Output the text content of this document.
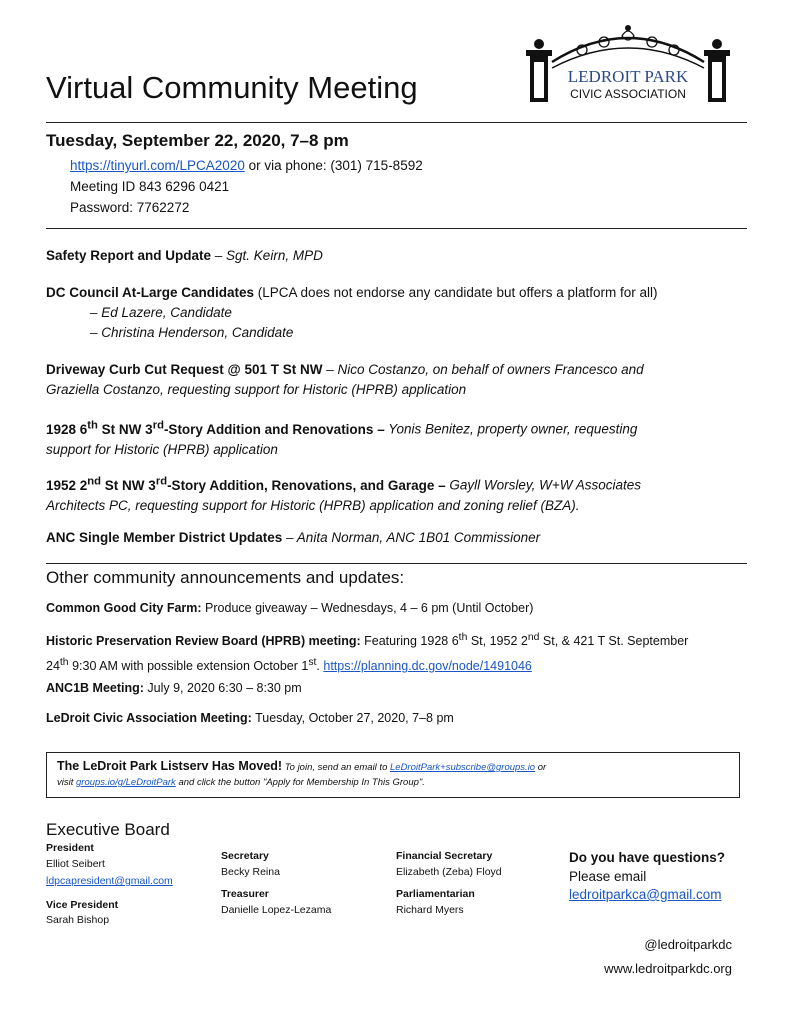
Virtual Community Meeting	LEDROIT PARK
CIVIC ASSOCIATION
Tuesday, September 22, 2020, 7–8 pm
https://tinyurl.com/LPCA2020 or via phone: (301) 715-8592
Meeting ID 843 6296 0421
Password: 7762272
Safety Report and Update – Sgt. Keirn, MPD
DC Council At-Large Candidates (LPCA does not endorse any candidate but offers a platform for all)
– Ed Lazere, Candidate
– Christina Henderson, Candidate
Driveway Curb Cut Request @ 501 T St NW – Nico Costanzo, on behalf of owners Francesco and
Graziella Costanzo, requesting support for Historic (HPRB) application
1928 6th St NW 3rd-Story Addition and Renovations – Yonis Benitez, property owner, requesting
support for Historic (HPRB) application
1952 2nd St NW 3rd-Story Addition, Renovations, and Garage – Gayll Worsley, W+W Associates
Architects PC, requesting support for Historic (HPRB) application and zoning relief (BZA).
ANC Single Member District Updates – Anita Norman, ANC 1B01 Commissioner
Other community announcements and updates:
Common Good City Farm: Produce giveaway – Wednesdays, 4 – 6 pm (Until October)
Historic Preservation Review Board (HPRB) meeting: Featuring 1928 6th St, 1952 2nd St, & 421 T St. September
24th 9:30 AM with possible extension October 1st. https://planning.dc.gov/node/1491046
ANC1B Meeting: July 9, 2020 6:30 – 8:30 pm
LeDroit Civic Association Meeting: Tuesday, October 27, 2020, 7–8 pm
The LeDroit Park Listserv Has Moved! To join, send an email to LeDroitPark+subscribe@groups.io or
visit groups.io/g/LeDroitPark and click the button "Apply for Membership In This Group".
Executive Board
President
Elliot Seibert
ldpcapresident@gmail.com
Vice President
Sarah Bishop
Secretary
Becky Reina
Treasurer
Danielle Lopez-Lezama
Financial Secretary
Elizabeth (Zeba) Floyd
Parliamentarian
Richard Myers
Do you have questions?
Please email
ledroitparkca@gmail.com
@ledroitparkdc
www.ledroitparkdc.org
